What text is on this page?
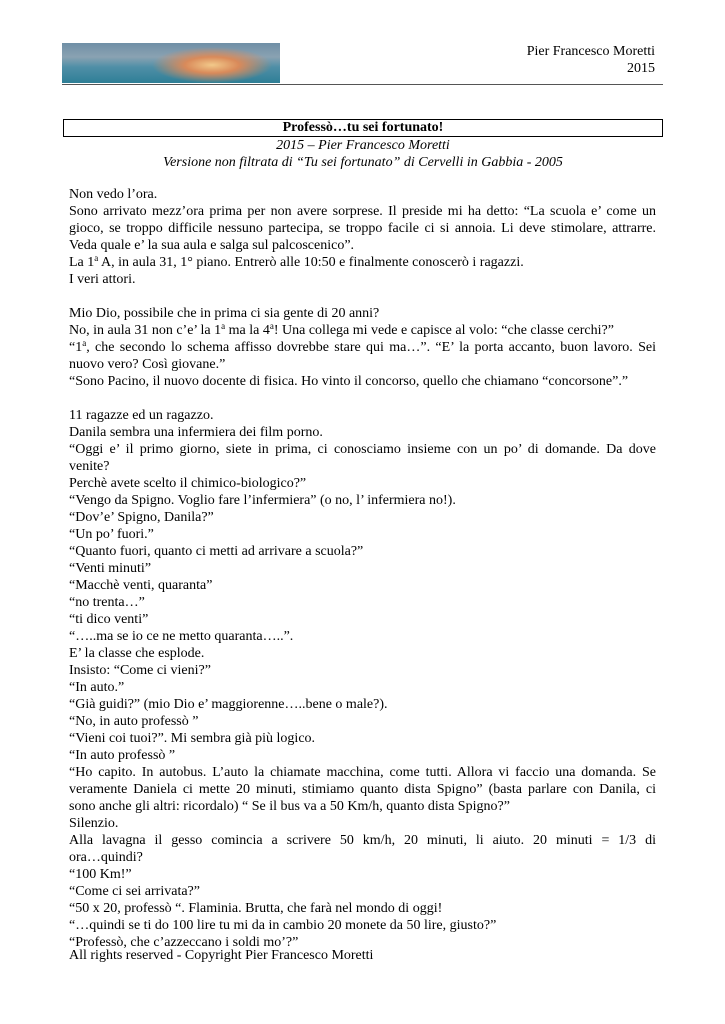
Pier Francesco Moretti
2015
Professò…tu sei fortunato!
2015 – Pier Francesco Moretti
Versione non filtrata di “Tu sei fortunato” di Cervelli in Gabbia - 2005
Non vedo l’ora.
Sono arrivato mezz’ora prima per non avere sorprese. Il preside mi ha detto: “La scuola e’ come un
gioco, se troppo difficile nessuno partecipa, se troppo facile ci si annoia. Li deve stimolare, attrarre.
Veda quale e’ la sua aula e salga sul palcoscenico”.
La 1$^a$ A, in aula 31, 1° piano. Entrerò alle 10:50 e finalmente conoscerò i ragazzi.
I veri attori.
Mio Dio, possibile che in prima ci sia gente di 20 anni?
No, in aula 31 non c’e’ la 1$^a$ ma la 4$^a$! Una collega mi vede e capisce al volo: “che classe cerchi?”
“1$^a$, che secondo lo schema affisso dovrebbe stare qui ma…”. “E’ la porta accanto, buon lavoro. Sei
nuovo vero? Così giovane.”
“Sono Pacino, il nuovo docente di fisica. Ho vinto il concorso, quello che chiamano “concorsone”.”
11 ragazze ed un ragazzo.
Danila sembra una infermiera dei film porno.
“Oggi e’ il primo giorno, siete in prima, ci conosciamo insieme con un po’ di domande. Da dove
venite?
Perchè avete scelto il chimico-biologico?”
“Vengo da Spigno. Voglio fare l’infermiera” (o no, l’ infermiera no!).
“Dov’e’ Spigno, Danila?”
“Un po’ fuori.”
“Quanto fuori, quanto ci metti ad arrivare a scuola?”
“Venti minuti”
“Macchè venti, quaranta”
“no trenta…”
“ti dico venti”
“…..ma se io ce ne metto quaranta…..”.
E’ la classe che esplode.
Insisto: “Come ci vieni?”
“In auto.”
“Già guidi?” (mio Dio e’ maggiorenne…..bene o male?).
“No, in auto professò ”
“Vieni coi tuoi?”. Mi sembra già più logico.
“In auto professò ”
“Ho capito. In autobus. L’auto la chiamate macchina, come tutti. Allora vi faccio una domanda. Se
veramente Daniela ci mette 20 minuti, stimiamo quanto dista Spigno” (basta parlare con Danila, ci
sono anche gli altri: ricordalo) “ Se il bus va a 50 Km/h, quanto dista Spigno?”
Silenzio.
Alla lavagna il gesso comincia a scrivere 50 km/h, 20 minuti, li aiuto. 20 minuti = 1/3 di
ora…quindi?
“100 Km!”
“Come ci sei arrivata?”
“50 x 20, professò “. Flaminia. Brutta, che farà nel mondo di oggi!
“…quindi se ti do 100 lire tu mi da in cambio 20 monete da 50 lire, giusto?”
“Professò, che c’azzeccano i soldi mo’?”
All rights reserved - Copyright Pier Francesco Moretti
